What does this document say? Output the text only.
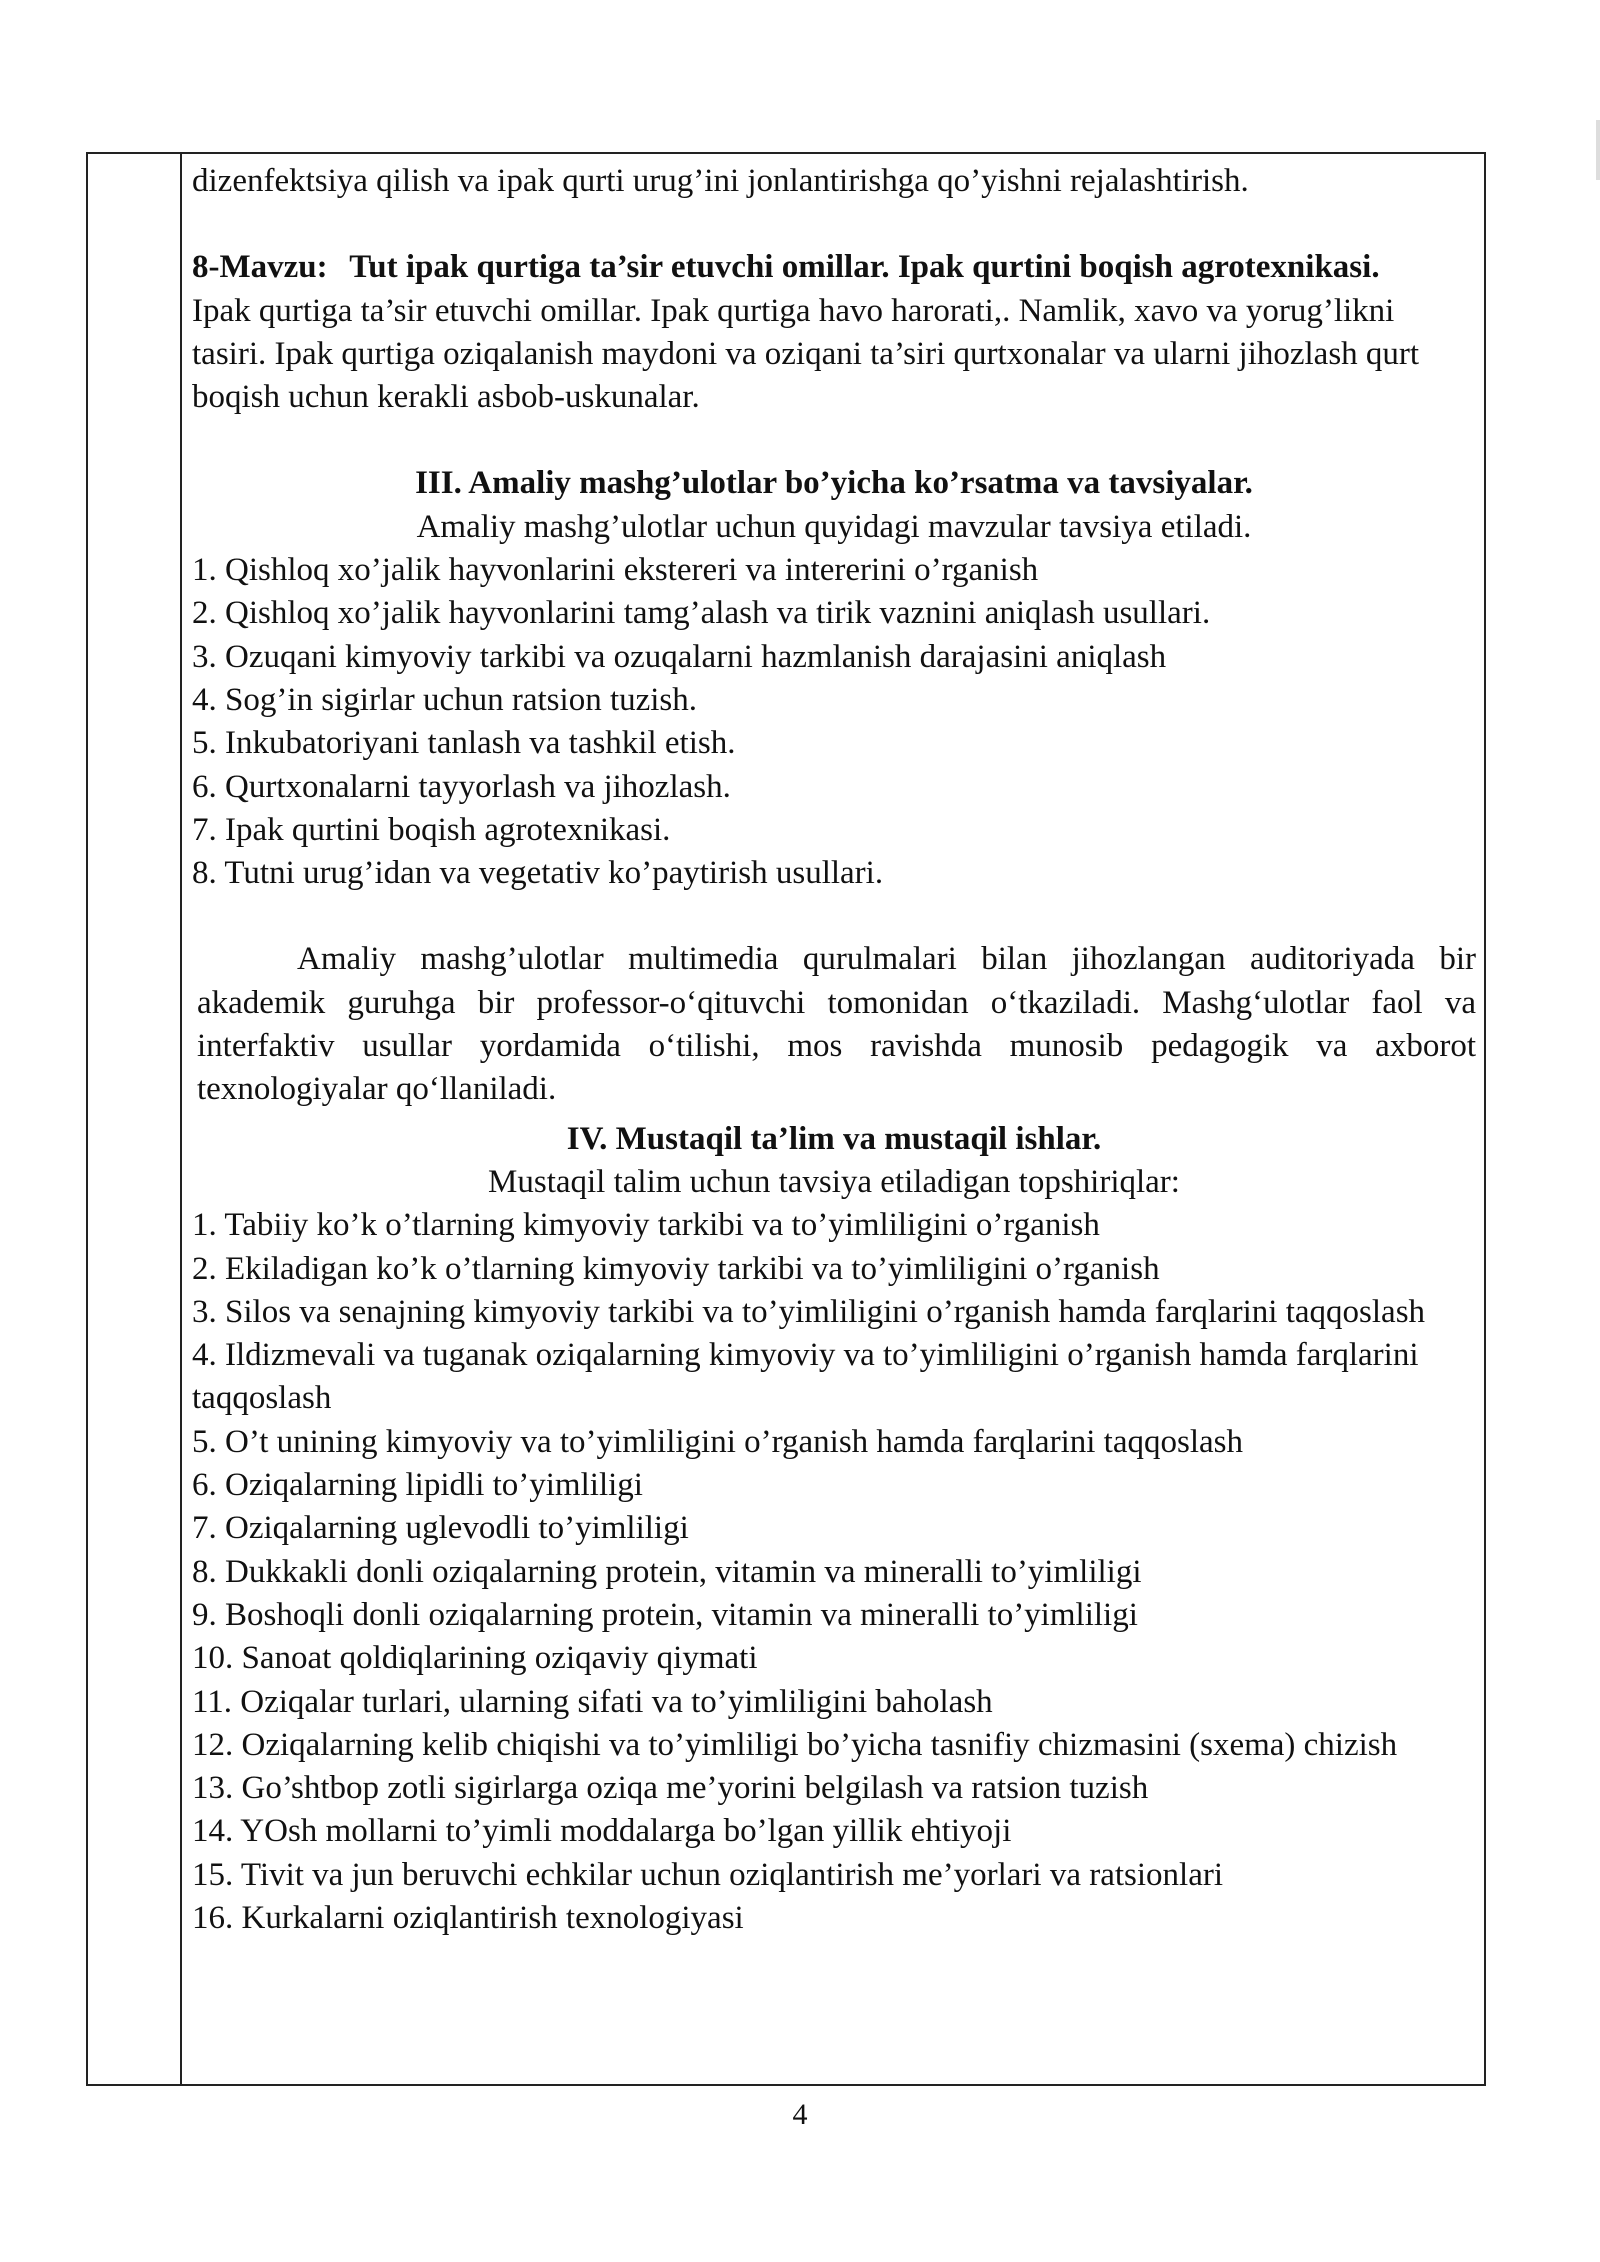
dizenfektsiya qilish va ipak qurti urug’ini jonlantirishga qo’yishni rejalashtirish.

8-Mavzu: Tut ipak qurtiga ta’sir etuvchi omillar. Ipak qurtini boqish agrotexnikasi.

Ipak qurtiga ta’sir etuvchi omillar. Ipak qurtiga havo harorati,. Namlik, xavo va yorug’likni tasiri. Ipak qurtiga oziqalanish maydoni va oziqani ta’siri qurtxonalar va ularni jihozlash qurt boqish uchun kerakli asbob-uskunalar.

III. Amaliy mashg’ulotlar bo’yicha ko’rsatma va tavsiyalar.

Amaliy mashg’ulotlar uchun quyidagi mavzular tavsiya etiladi.

1. Qishloq xo’jalik hayvonlarini ekstereri va intererini o’rganish
2. Qishloq xo’jalik hayvonlarini tamg’alash va tirik vaznini aniqlash usullari.
3. Ozuqani kimyoviy tarkibi va ozuqalarni hazmlanish darajasini aniqlash
4. Sog’in sigirlar uchun ratsion tuzish.
5. Inkubatoriyani tanlash va tashkil etish.
6. Qurtxonalarni tayyorlash va jihozlash.
7. Ipak qurtini boqish agrotexnikasi.
8. Tutni urug’idan va vegetativ ko’paytirish usullari.

Amaliy mashg’ulotlar multimedia qurulmalari bilan jihozlangan auditoriyada bir akademik guruhga bir professor-o‘qituvchi tomonidan o‘tkaziladi. Mashg‘ulotlar faol va interfaktiv usullar yordamida o‘tilishi, mos ravishda munosib pedagogik va axborot texnologiyalar qo‘llaniladi.

IV. Mustaqil ta’lim va mustaqil ishlar.

Mustaqil talim uchun tavsiya etiladigan topshiriqlar:

1. Tabiiy ko’k o’tlarning kimyoviy tarkibi va to’yimliligini o’rganish
2. Ekiladigan ko’k o’tlarning kimyoviy tarkibi va to’yimliligini o’rganish
3. Silos va senajning kimyoviy tarkibi va to’yimliligini o’rganish hamda farqlarini taqqoslash
4. Ildizmevali va tuganak oziqalarning kimyoviy va to’yimliligini o’rganish hamda farqlarini taqqoslash
5. O’t unining kimyoviy va to’yimliligini o’rganish hamda farqlarini taqqoslash
6. Oziqalarning lipidli to’yimliligi
7. Oziqalarning uglevodli to’yimliligi
8. Dukkakli donli oziqalarning protein, vitamin va mineralli to’yimliligi
9. Boshoqli donli oziqalarning protein, vitamin va mineralli to’yimliligi
10. Sanoat qoldiqlarining oziqaviy qiymati
11. Oziqalar turlari, ularning sifati va to’yimliligini baholash
12. Oziqalarning kelib chiqishi va to’yimliligi bo’yicha tasnifiy chizmasini (sxema) chizish
13. Go’shtbop zotli sigirlarga oziqa me’yorini belgilash va ratsion tuzish
14. YOsh mollarni to’yimli moddalarga bo’lgan yillik ehtiyoji
15. Tivit va jun beruvchi echkilar uchun oziqlantirish me’yorlari va ratsionlari
16. Kurkalarni oziqlantirish texnologiyasi
4
